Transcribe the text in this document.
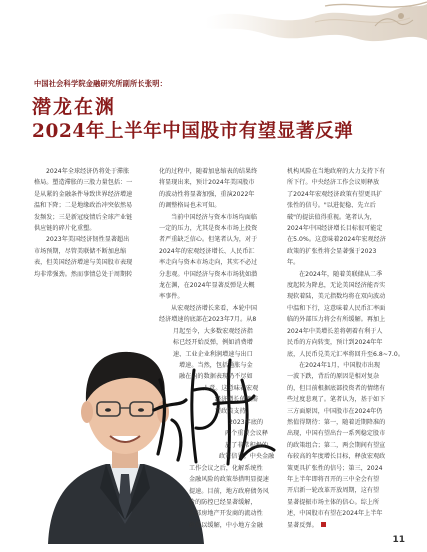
中国社会科学院金融研究所副所长张明：
潜龙在渊
2024年上半年中国股市有望显著反弹

2024年全球经济仍将处于滞胀

格局。塑造滞胀的三股力量包括：一

是从紧的金融条件导致世界经济增速

温和下降；二是地缘政治冲突依然易

发频发；三是新冠疫情后全球产业链

供应链的碎片化重塑。

2023年美国经济韧性显著超出

市场预期，尽管美联储不断加息缩

表，但美国经济增速与美国股市表现

均非常强劲。然而事情总处于周期转

化的过程中，随着加息缩表的结果终

将显现出来，预计2024年美国股市

的波动性将显著加强，重演2022年

的调整格局也未可知。

当前中国经济与资本市场均面临

一定的压力，尤其是资本市场上投资

者严重缺乏信心。但笔者认为，对于

2024年的宏观经济增长、人民币汇

率走向与资本市场走向，其实不必过

分悲观。中国经济与资本市场犹如潜

龙在渊，在2024年显著反弹是大概

率事件。

从宏观经济增长来看，本轮中国

经济增速的底部在2023年7月。从8

月起至今，大多数宏观经济指

标已经开始反弹，例如消费增

速、工业企业利润增速与出口

增速。当然，包括通胀与金

融在内的数据表现仍不尽如

人意。这意味着宏观

经济增长依然需

要政策支持。

2023年底的

两个重要会议释

放了非常积极的

政策信号。中央金融

工作会议之后，化解系统性

金融风险的政策举措明显提速

提速。目前，地方政府债务风

险的防控已经显著缓解，

头部房地产开发商的流动性

缺得以缓解，中小地方金融

机构风险在当地政府的大力支持下有

所下行。中央经济工作会议则释放

了2024年宏观经济政策有望更具扩

张性的信号。"以进促稳、先立后

破"的提法值得重视。笔者认为，

2024年中国经济增长目标很可能定

在5.0%。这意味着2024年宏观经济

政策的扩张性将会显著强于2023

年。

在2024年，随着美联储从二季

度起转为降息，无论美国经济能否实

现软着陆，美元指数均将在双向波动

中温和下行，这意味着人民币汇率面

临的外部压力将会有所缓解。再加上

2024年中美增长差将朝着有利于人

民币的方向转变，预计到2024年年

底，人民币兑美元汇率将回升至6.8~7.0。

在2024年1月，中国股市出现

一波下跌，背后的原因是相对复杂

的，但目前根据底部投资者的情绪有

些过度悲观了。笔者认为，基于如下

三方面原因，中国股市在2024年仍

然值得期待：第一，随着近期降准的

出现，中国有望出台一系列稳定股市

的政策组合；第二，两会期间有望宣

布较高的年度增长目标，释放宏观政

策更具扩张性的信号；第三，2024

年上半年即将召开的三中全会有望

开启新一轮改革开放周期，这有望

显著提振市场主体的信心。综上所

述，中国股市有望在2024年上半年

显著反弹。

11
